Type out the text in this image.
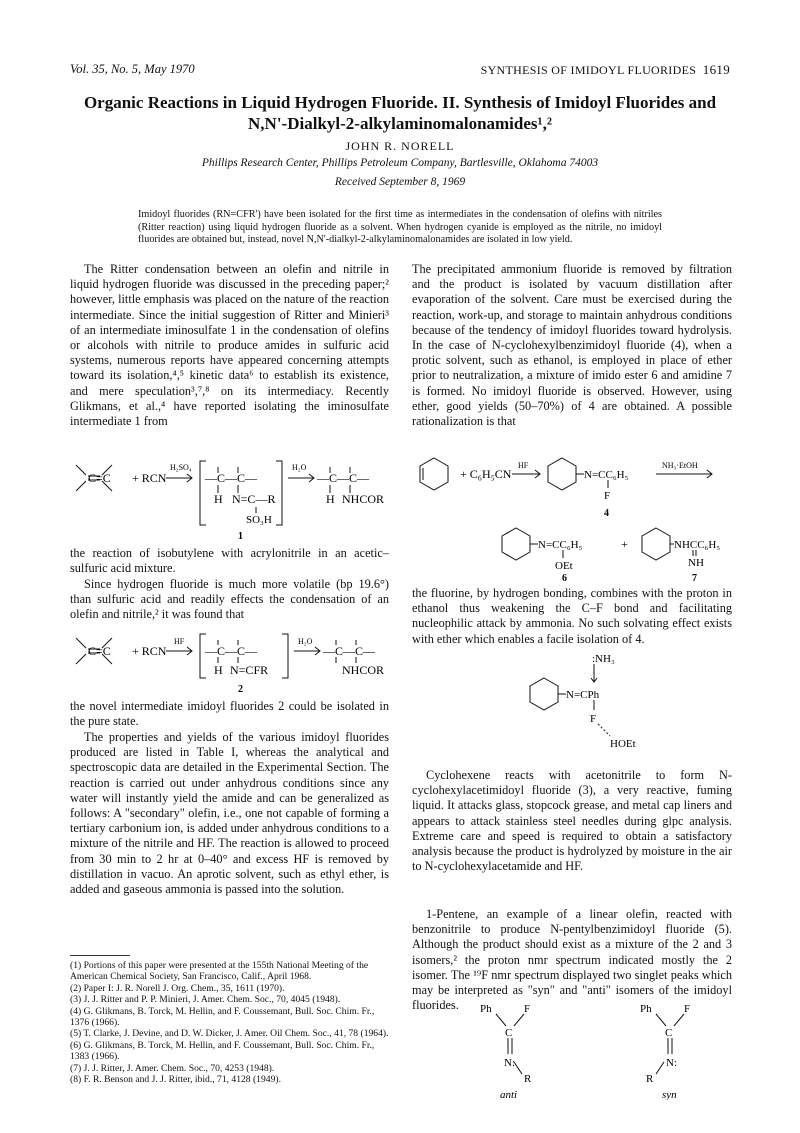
Vol. 35, No. 5, May 1970	SYNTHESIS OF IMIDOYL FLUORIDES 1619
Organic Reactions in Liquid Hydrogen Fluoride. II. Synthesis of Imidoyl Fluorides and N,N'-Dialkyl-2-alkylaminomalonamides¹,²
JOHN R. NORELL
Phillips Research Center, Phillips Petroleum Company, Bartlesville, Oklahoma 74003
Received September 8, 1969
Imidoyl fluorides (RN=CFR') have been isolated for the first time as intermediates in the condensation of olefins with nitriles (Ritter reaction) using liquid hydrogen fluoride as a solvent. When hydrogen cyanide is employed as the nitrile, no imidoyl fluorides are obtained but, instead, novel N,N'-dialkyl-2-alkylaminomalonamides are isolated in low yield.

The Ritter condensation between an olefin and nitrile in liquid hydrogen fluoride was discussed in the preceding paper;² however, little emphasis was placed on the nature of the reaction intermediate. Since the initial suggestion of Ritter and Minieri³ of an intermediate iminosulfate 1 in the condensation of olefins or alcohols with nitrile to produce amides in sulfuric acid systems, numerous reports have appeared concerning attempts toward its isolation,⁴,⁵ kinetic data⁶ to establish its existence, and mere speculation³,⁷,⁸ on its intermediacy. Recently Glikmans, et al.,⁴ have reported isolating the iminosulfate intermediate 1 from

C=C + RCN
H₂SO₄
—C—C—
H N=C—R
SO₃H
H₂O
—C—C—
H NHCOR
1

the reaction of isobutylene with acrylonitrile in an acetic–sulfuric acid mixture.

Since hydrogen fluoride is much more volatile (bp 19.6°) than sulfuric acid and readily effects the condensation of an olefin and nitrile,² it was found that

C=C + RCN
HF
—C—C—
H N=CFR
H₂O
—C—C—
NHCOR
2

the novel intermediate imidoyl fluorides 2 could be isolated in the pure state.

The properties and yields of the various imidoyl fluorides produced are listed in Table I, whereas the analytical and spectroscopic data are detailed in the Experimental Section. The reaction is carried out under anhydrous conditions since any water will instantly yield the amide and can be generalized as follows: A "secondary" olefin, i.e., one not capable of forming a tertiary carbonium ion, is added under anhydrous conditions to a mixture of the nitrile and HF. The reaction is allowed to proceed from 30 min to 2 hr at 0–40° and excess HF is removed by distillation in vacuo. An aprotic solvent, such as ethyl ether, is added and gaseous ammonia is passed into the solution.

(1) Portions of this paper were presented at the 155th National Meeting of the American Chemical Society, San Francisco, Calif., April 1968.
(2) Paper I: J. R. Norell J. Org. Chem., 35, 1611 (1970).
(3) J. J. Ritter and P. P. Minieri, J. Amer. Chem. Soc., 70, 4045 (1948).
(4) G. Glikmans, B. Torck, M. Hellin, and F. Coussemant, Bull. Soc. Chim. Fr., 1376 (1966).
(5) T. Clarke, J. Devine, and D. W. Dicker, J. Amer. Oil Chem. Soc., 41, 78 (1964).
(6) G. Glikmans, B. Torck, M. Hellin, and F. Coussemant, Bull. Soc. Chim. Fr., 1383 (1966).
(7) J. J. Ritter, J. Amer. Chem. Soc., 70, 4253 (1948).
(8) F. R. Benson and J. J. Ritter, ibid., 71, 4128 (1949).

The precipitated ammonium fluoride is removed by filtration and the product is isolated by vacuum distillation after evaporation of the solvent. Care must be exercised during the reaction, work-up, and storage to maintain anhydrous conditions because of the tendency of imidoyl fluorides toward hydrolysis. In the case of N-cyclohexylbenzimidoyl fluoride (4), when a protic solvent, such as ethanol, is employed in place of ether prior to neutralization, a mixture of imido ester 6 and amidine 7 is formed. No imidoyl fluoride is observed. However, using ether, good yields (50–70%) of 4 are obtained. A possible rationalization is that

+ C₆H₅CN
HF
N=CC₆H₅
F
NH₃·EtOH
4
N=CC₆H₅
OEt
+	NHCC₆H₅
NH
6	7

the fluorine, by hydrogen bonding, combines with the proton in ethanol thus weakening the C–F bond and facilitating nucleophilic attack by ammonia. No such solvating effect exists with ether which enables a facile isolation of 4.

:NH₃
N=CPh
F
HOEt

Cyclohexene reacts with acetonitrile to form N-cyclohexylacetimidoyl fluoride (3), a very reactive, fuming liquid. It attacks glass, stopcock grease, and metal cap liners and appears to attack stainless steel needles during glpc analysis. Extreme care and speed is required to obtain a satisfactory analysis because the product is hydrolyzed by moisture in the air to N-cyclohexylacetamide and HF.

1-Pentene, an example of a linear olefin, reacted with benzonitrile to produce N-pentylbenzimidoyl fluoride (5). Although the product should exist as a mixture of the 2 and 3 isomers,² the proton nmr spectrum indicated mostly the 2 isomer. The ¹⁹F nmr spectrum displayed two singlet peaks which may be interpreted as "syn" and "anti" isomers of the imidoyl fluorides.	Ph	F
C
N:
R
anti
Ph	F
C
N:
R
syn
